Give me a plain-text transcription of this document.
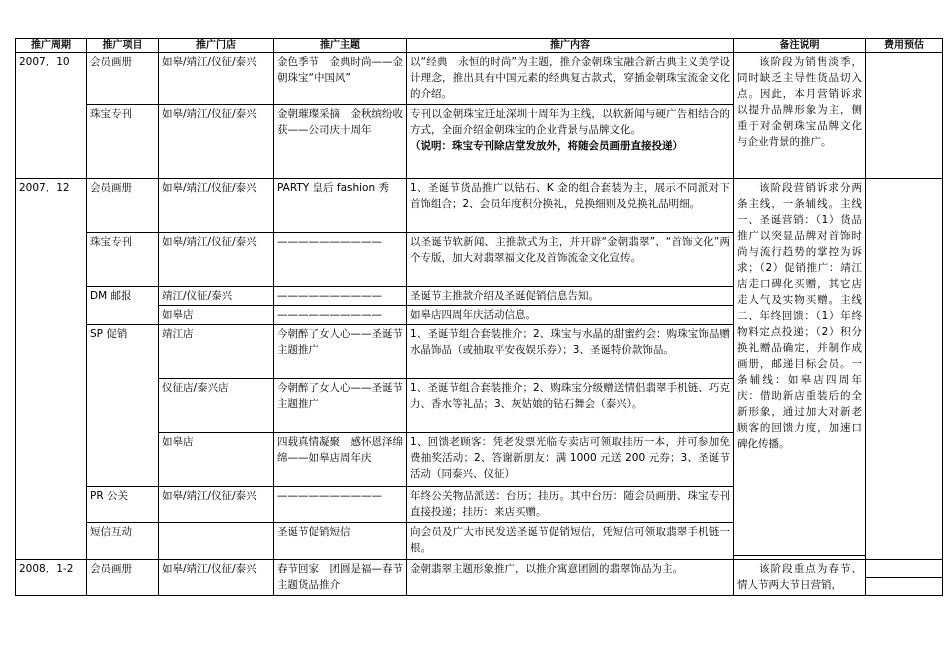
推广周期	推广项目	推广门店	推广主题	推广内容	备注说明	费用预估
2007．10	会员画册	如皋/靖江/仪征/泰兴	金色季节　金典时尚——金朝珠宝“中国风”	以“经典　永恒的时尚”为主题，推介金朝珠宝融合新古典主义美学设计理念，推出具有中国元素的经典复古款式，穿插金朝珠宝流金文化的介绍。	该阶段为销售淡季，同时缺乏主导性货品切入点。因此，本月营销诉求以提升品牌形象为主，侧重于对金朝珠宝品牌文化与企业背景的推广。	
	珠宝专刊	如皋/靖江/仪征/泰兴	金朝璀璨采摘　金秋缤纷收获——公司庆十周年	专刊以金朝珠宝迁址深圳十周年为主线，以软新闻与硬广告相结合的方式，全面介绍金朝珠宝的企业背景与品牌文化。
（说明：珠宝专刊除店堂发放外，将随会员画册直接投递）		
2007．12	会员画册	如皋/靖江/仪征/泰兴	PARTY 皇后 fashion 秀	1、圣诞节货品推广以钻石、K 金的组合套装为主，展示不同派对下首饰组合；2、会员年度积分换礼，兑换细则及兑换礼品明细。	该阶段营销诉求分两条主线，一条辅线。主线一、圣诞营销：（1）货品推广以突显品牌对首饰时尚与流行趋势的掌控为诉求；（2）促销推广：靖江店走口碑化买赠，其它店走人气及实物买赠。主线二、年终回馈：（1）年终物料定点投递；（2）积分换礼赠品确定，并制作成画册，邮递目标会员。一条辅线：如皋店四周年庆：借助新店重装后的全新形象，通过加大对新老顾客的回馈力度，加速口碑化传播。	
	珠宝专刊	如皋/靖江/仪征/泰兴	——————————	以圣诞节软新闻、主推款式为主，并开辟“金朝翡翠”、“首饰文化”两个专版，加大对翡翠福文化及首饰流金文化宣传。		
	DM 邮报	靖江/仪征/泰兴	——————————	圣诞节主推款介绍及圣诞促销信息告知。		
		如皋店	——————————	如皋店四周年庆活动信息。		
	SP 促销	靖江店	今朝醉了女人心——圣诞节主题推广	1、圣诞节组合套装推介；2、珠宝与水晶的甜蜜约会：购珠宝饰品赠水晶饰品（或抽取平安夜娱乐券）；3、圣诞特价款饰品。		
		仪征店/泰兴店	今朝醉了女人心——圣诞节主题推广	1、圣诞节组合套装推介；2、购珠宝分级赠送情侣翡翠手机链、巧克力、香水等礼品；3、灰姑娘的钻石舞会（泰兴）。		
		如皋店	四载真情凝聚　感怀恩泽绵绵——如皋店周年庆	1、回馈老顾客：凭老发票光临专卖店可领取挂历一本，并可参加免费抽奖活动；2、答谢新朋友：满 1000 元送 200 元券；3、圣诞节活动（同泰兴、仪征）		
	PR 公关	如皋/靖江/仪征/泰兴	——————————	年终公关物品派送：台历；挂历。其中台历：随会员画册、珠宝专刊直接投递；挂历：来店买赠。		
	短信互动		圣诞节促销短信	向会员及广大市民发送圣诞节促销短信，凭短信可领取翡翠手机链一根。		

2008．1-2	会员画册	如皋/靖江/仪征/泰兴	春节回家　团圆是福—春节主题货品推介	金朝翡翠主题形象推广，以推介寓意团圆的翡翠饰品为主。	该阶段重点为春节、情人节两大节日营销，	
